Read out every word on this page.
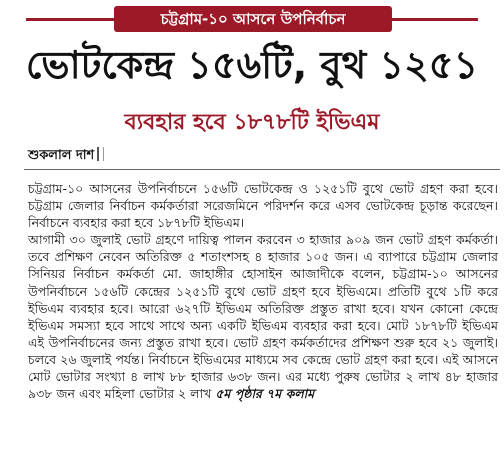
চট্টগ্রাম-১০ আসনে উপনির্বাচন
ভোটকেন্দ্র ১৫৬টি, বুথ ১২৫১
ব্যবহার হবে ১৮৭৮টি ইভিএম
শুকলাল দাশ

চট্টগ্রাম-১০ আসনের উপনির্বাচনে ১৫৬টি ভোটকেন্দ্র ও ১২৫১টি বুথে ভোট গ্রহণ করা হবে। চট্টগ্রাম জেলার নির্বাচন কর্মকর্তারা সরেজমিনে পরিদর্শন করে এসব ভোটকেন্দ্র চূড়ান্ত করেছেন। নির্বাচনে ব্যবহার করা হবে ১৮৭৮টি ইভিএম।

আগামী ৩০ জুলাই ভোট গ্রহণে দায়িত্ব পালন করবেন ৩ হাজার ৯০৯ জন ভোট গ্রহণ কর্মকর্তা। তবে প্রশিক্ষণ নেবেন অতিরিক্ত ৫ শতাংশসহ ৪ হাজার ১০৫ জন। এ ব্যাপারে চট্টগ্রাম জেলার সিনিয়র নির্বাচন কর্মকর্তা মো. জাহাঙ্গীর হোসাইন আজাদীকে বলেন, চট্টগ্রাম-১০ আসনের উপনির্বাচনে ১৫৬টি কেন্দ্রের ১২৫১টি বুথে ভোট গ্রহণ হবে ইভিএমে। প্রতিটি বুথে ১টি করে ইভিএম ব্যবহার হবে। আরো ৬২৭টি ইভিএম অতিরিক্ত প্রস্তুত রাখা হবে। যখন কোনো কেন্দ্রে ইভিএম সমস্যা হবে সাথে সাথে অন্য একটি ইভিএম ব্যবহার করা হবে। মোট ১৮৭৮টি ইভিএম এই উপনির্বাচনের জন্য প্রস্তুত রাখা হবে। ভোট গ্রহণ কর্মকর্তাদের প্রশিক্ষণ শুরু হবে ২১ জুলাই। চলবে ২৬ জুলাই পর্যন্ত। নির্বাচনে ইভিএমের মাধ্যমে সব কেন্দ্রে ভোট গ্রহণ করা হবে। এই আসনে মোট ভোটার সংখ্যা ৪ লাখ ৮৮ হাজার ৬৩৮ জন। এর মধ্যে পুরুষ ভোটার ২ লাখ ৪৮ হাজার ৯৩৮ জন এবং মহিলা ভোটার ২ লাখ ৫ম পৃষ্ঠার ৭ম কলাম
